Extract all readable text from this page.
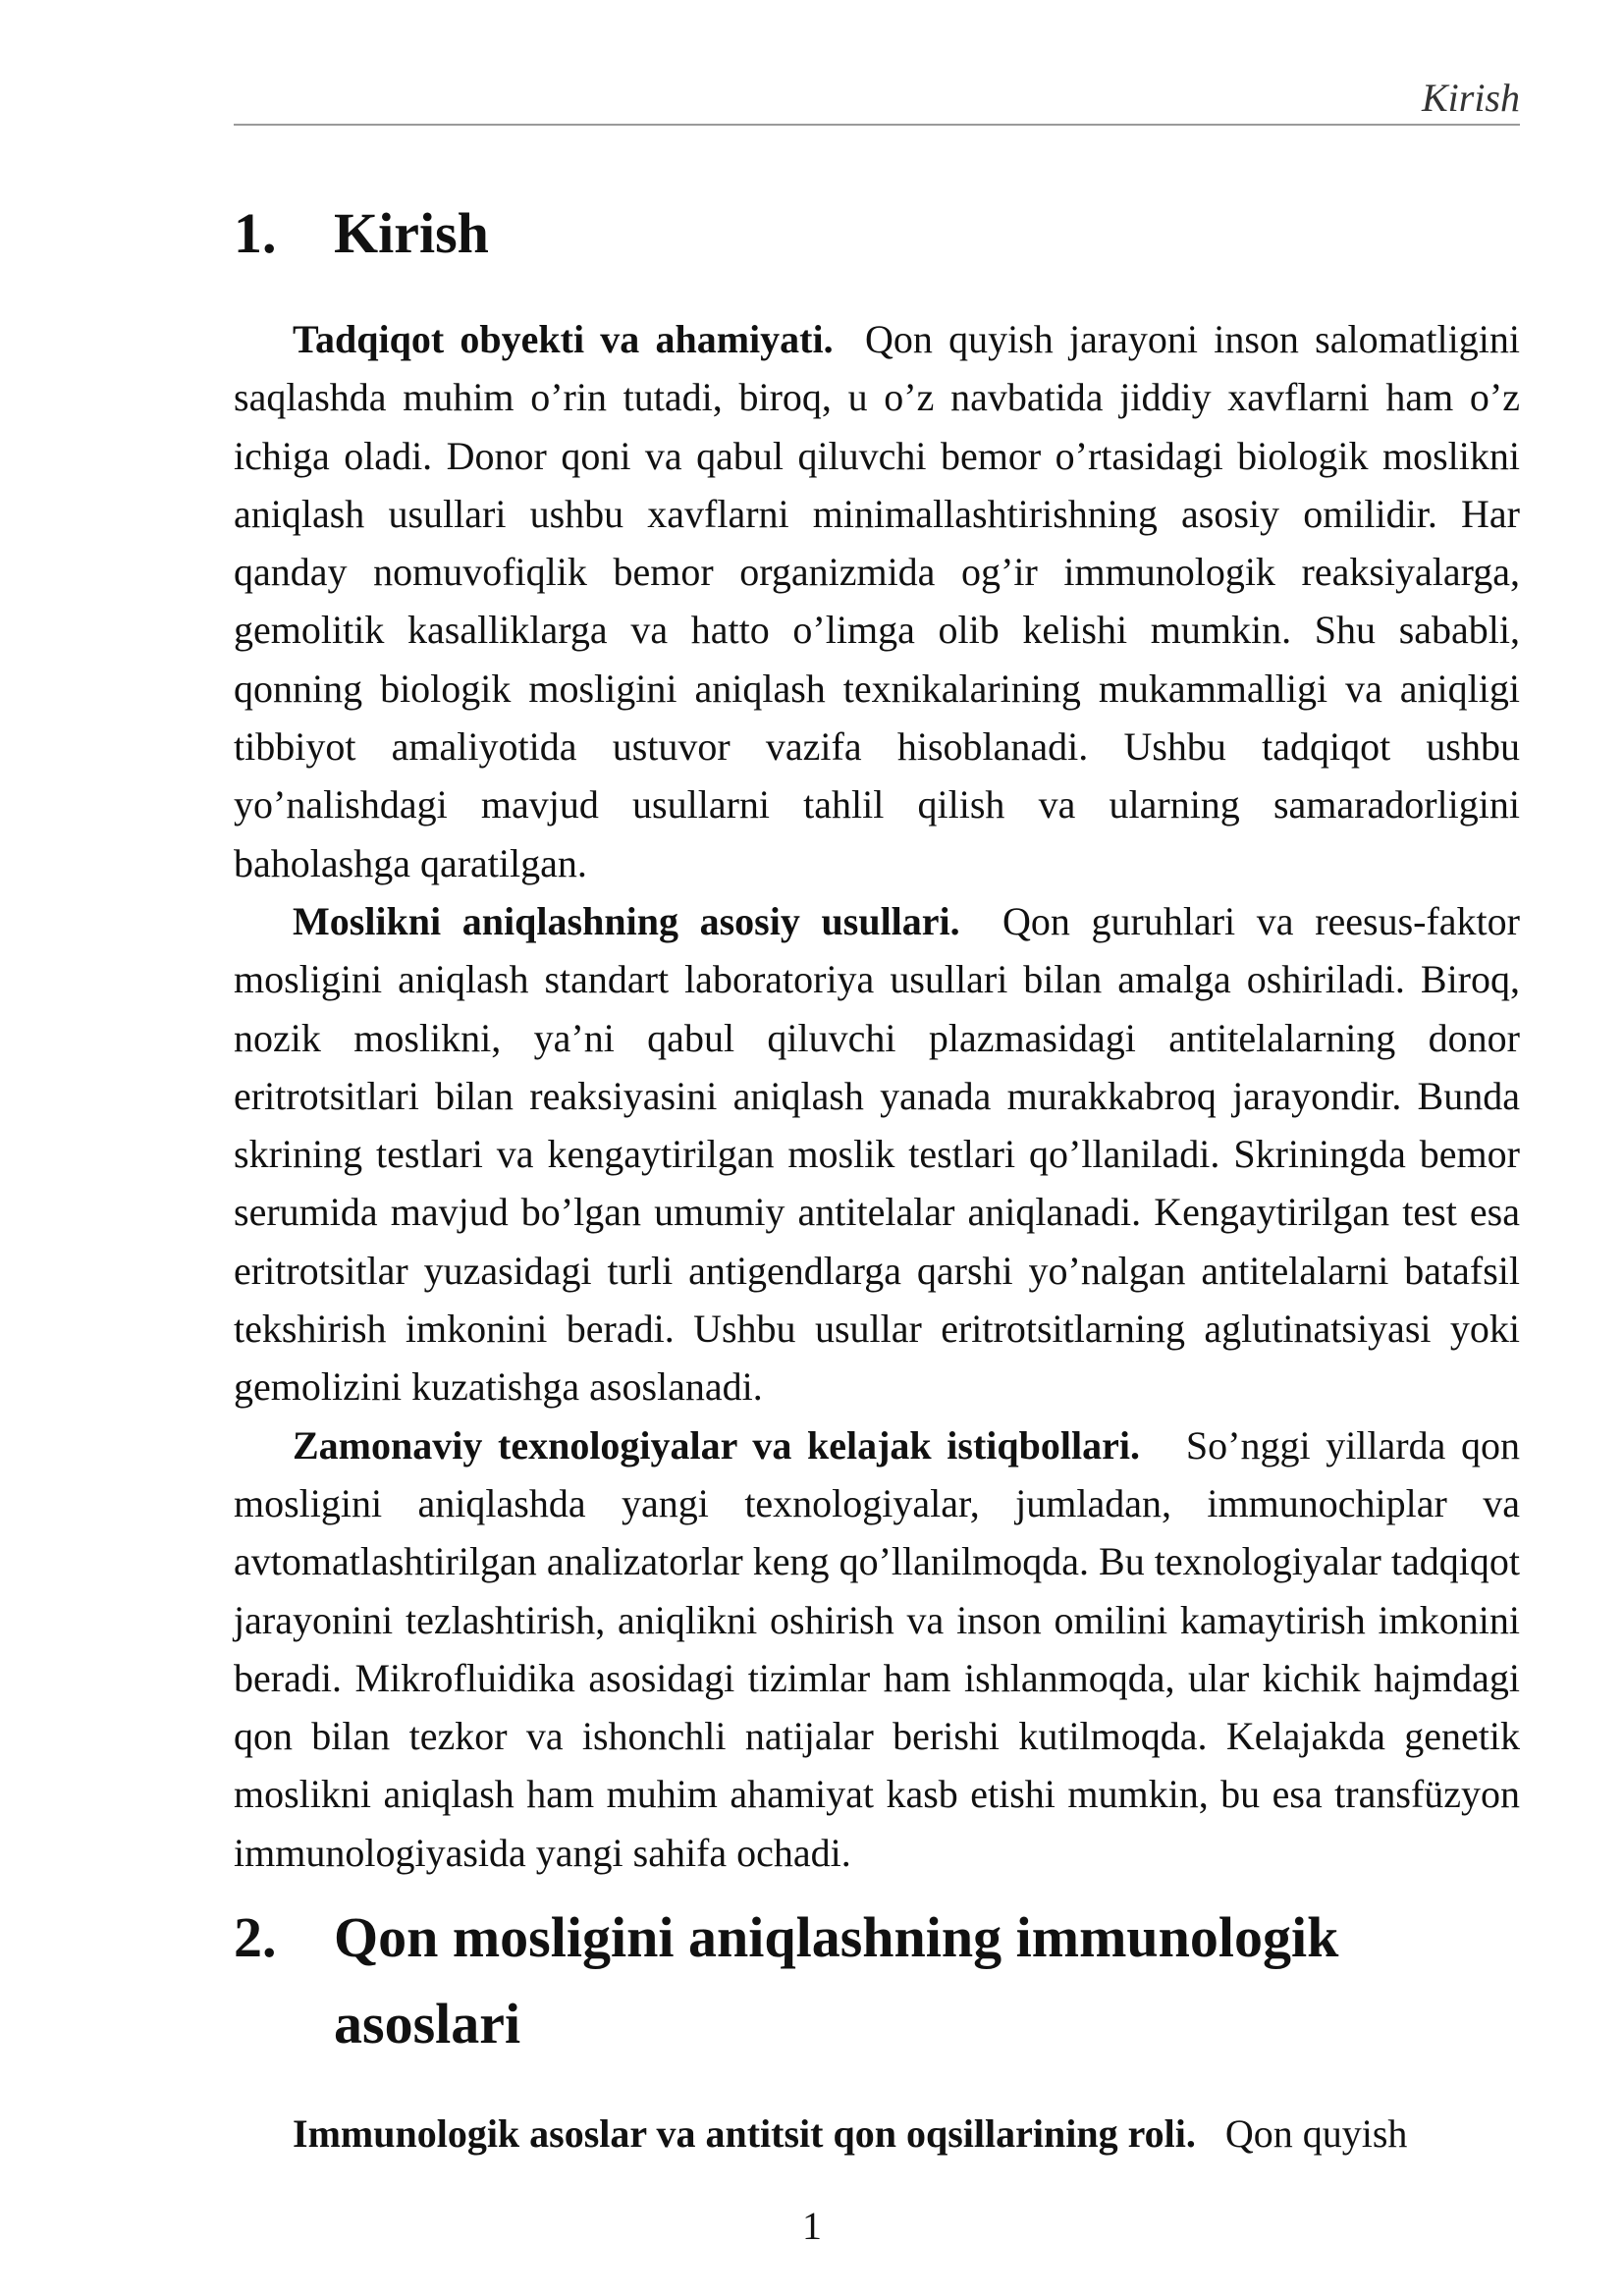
Kirish
1. Kirish

Tadqiqot obyekti va ahamiyati. Qon quyish jarayoni inson salomatligini saqlashda muhim o’rin tutadi, biroq, u o’z navbatida jiddiy xavflarni ham o’z ichiga oladi. Donor qoni va qabul qiluvchi bemor o’rtasidagi biologik moslikni aniqlash usullari ushbu xavflarni minimallashtirishning asosiy omilidir. Har qanday nomuvofiqlik bemor organizmida og’ir immunologik reaksiyalarga, gemolitik kasalliklarga va hatto o’limga olib kelishi mumkin. Shu sababli, qonning biologik mosligini aniqlash texnikalarining mukammalligi va aniqligi tibbiyot amaliyotida ustuvor vazifa hisoblanadi. Ushbu tadqiqot ushbu yo’nalishdagi mavjud usullarni tahlil qilish va ularning samaradorligini baholashga qaratilgan.

Moslikni aniqlashning asosiy usullari. Qon guruhlari va reesus-faktor mosligini aniqlash standart laboratoriya usullari bilan amalga oshiriladi. Biroq, nozik moslikni, ya’ni qabul qiluvchi plazmasidagi antitelalarning donor eritrotsitlari bilan reaksiyasini aniqlash yanada murakkabroq jarayondir. Bunda skrining testlari va kengaytirilgan moslik testlari qo’llaniladi. Skriningda bemor serumida mavjud bo’lgan umumiy antitelalar aniqlanadi. Kengaytirilgan test esa eritrotsitlar yuzasidagi turli antigendlarga qarshi yo’nalgan antitelalarni batafsil tekshirish imkonini beradi. Ushbu usullar eritrotsitlarning aglutinatsiyasi yoki gemolizini kuzatishga asoslanadi.

Zamonaviy texnologiyalar va kelajak istiqbollari. So’nggi yillarda qon mosligini aniqlashda yangi texnologiyalar, jumladan, immunochiplar va avtomatlashtirilgan analizatorlar keng qo’llanilmoqda. Bu texnologiyalar tadqiqot jarayonini tezlashtirish, aniqlikni oshirish va inson omilini kamaytirish imkonini beradi. Mikrofluidika asosidagi tizimlar ham ishlanmoqda, ular kichik hajmdagi qon bilan tezkor va ishonchli natijalar berishi kutilmoqda. Kelajakda genetik moslikni aniqlash ham muhim ahamiyat kasb etishi mumkin, bu esa transfüzyon immunologiyasida yangi sahifa ochadi.

2. Qon mosligini aniqlashning immunologik asoslari

Immunologik asoslar va antitsit qon oqsillarining roli. Qon quyish

1
